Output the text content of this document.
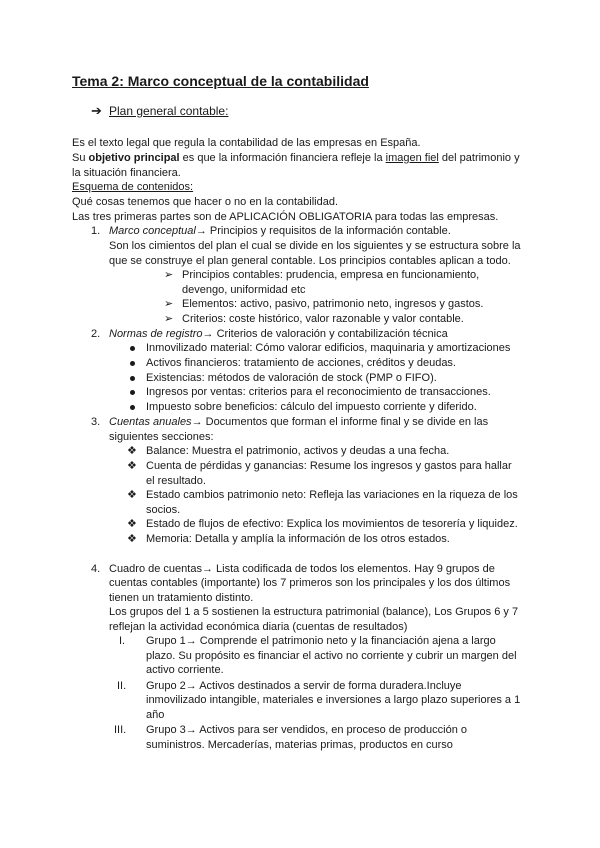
Tema 2: Marco conceptual de la contabilidad
➔ Plan general contable:
Es el texto legal que regula la contabilidad de las empresas en España.
Su objetivo principal es que la información financiera refleje la imagen fiel del patrimonio y
la situación financiera.
Esquema de contenidos:
Qué cosas tenemos que hacer o no en la contabilidad.
Las tres primeras partes son de APLICACIÓN OBLIGATORIA para todas las empresas.
1. Marco conceptual→ Principios y requisitos de la información contable.
Son los cimientos del plan el cual se divide en los siguientes y se estructura sobre la
que se construye el plan general contable. Los principios contables aplican a todo.
➢ Principios contables: prudencia, empresa en funcionamiento,
devengo, uniformidad etc
➢ Elementos: activo, pasivo, patrimonio neto, ingresos y gastos.
➢ Criterios: coste histórico, valor razonable y valor contable.
2. Normas de registro→ Criterios de valoración y contabilización técnica
Inmovilizado material: Cómo valorar edificios, maquinaria y amortizaciones
Activos financieros: tratamiento de acciones, créditos y deudas.
Existencias: métodos de valoración de stock (PMP o FIFO).
Ingresos por ventas: criterios para el reconocimiento de transacciones.
Impuesto sobre beneficios: cálculo del impuesto corriente y diferido.
3. Cuentas anuales→ Documentos que forman el informe final y se divide en las
siguientes secciones:
❖ Balance: Muestra el patrimonio, activos y deudas a una fecha.
❖ Cuenta de pérdidas y ganancias: Resume los ingresos y gastos para hallar
el resultado.
❖ Estado cambios patrimonio neto: Refleja las variaciones en la riqueza de los
socios.
❖ Estado de flujos de efectivo: Explica los movimientos de tesorería y liquidez.
❖ Memoria: Detalla y amplía la información de los otros estados.
4. Cuadro de cuentas→ Lista codificada de todos los elementos. Hay 9 grupos de
cuentas contables (importante) los 7 primeros son los principales y los dos últimos
tienen un tratamiento distinto.
Los grupos del 1 a 5 sostienen la estructura patrimonial (balance), Los Grupos 6 y 7
reflejan la actividad económica diaria (cuentas de resultados)
I. Grupo 1→ Comprende el patrimonio neto y la financiación ajena a largo
plazo. Su propósito es financiar el activo no corriente y cubrir un margen del
activo corriente.
II. Grupo 2→ Activos destinados a servir de forma duradera.Incluye
inmovilizado intangible, materiales e inversiones a largo plazo superiores a 1
año
III. Grupo 3→ Activos para ser vendidos, en proceso de producción o
suministros. Mercaderías, materias primas, productos en curso
